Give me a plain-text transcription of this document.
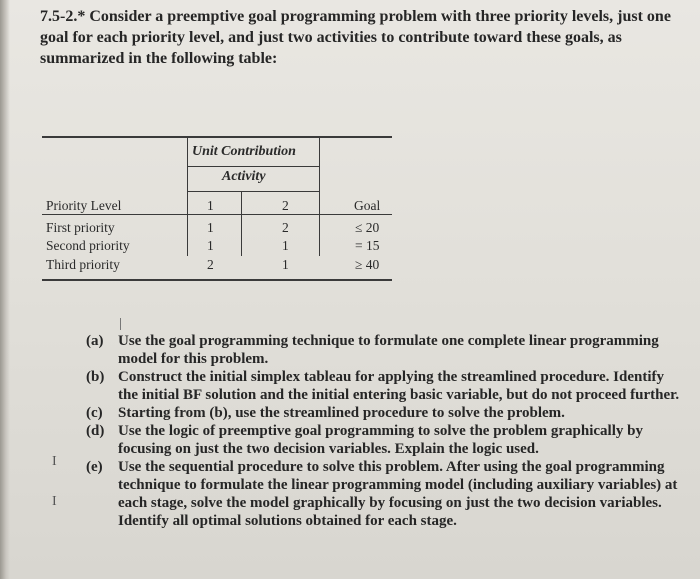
7.5-2.* Consider a preemptive goal programming problem with three priority levels, just one goal for each priority level, and just two activities to contribute toward these goals, as summarized in the following table:
Unit Contribution
Activity
Priority Level	1	2	Goal
First priority	1	2	≤ 20
Second priority	1	1	= 15
Third priority	2	1	≥ 40
I
I
(a) Use the goal programming technique to formulate one complete linear programming model for this problem.
(b) Construct the initial simplex tableau for applying the streamlined procedure. Identify the initial BF solution and the initial entering basic variable, but do not proceed further.
(c)	Starting from (b), use the streamlined procedure to solve the problem.
(d) Use the logic of preemptive goal programming to solve the problem graphically by focusing on just the two decision variables. Explain the logic used.
(e)	Use the sequential procedure to solve this problem. After using the goal programming technique to formulate the linear programming model (including auxiliary variables) at each stage, solve the model graphically by focusing on just the two decision variables. Identify all optimal solutions obtained for each stage.
